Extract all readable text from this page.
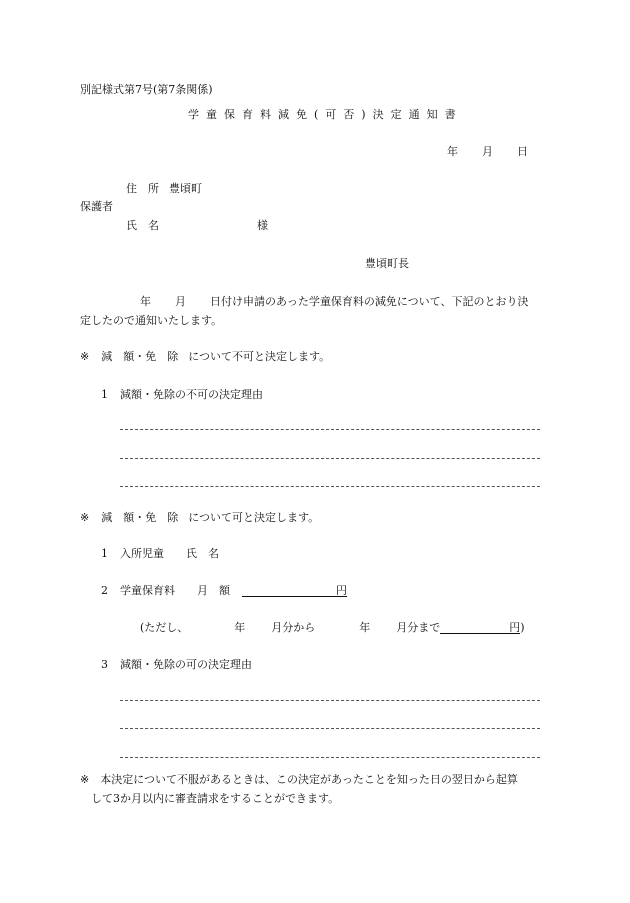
別記様式第7号(第7条関係)
学童保育料減免(可否)決定通知書
年 月 日
住　所 豊頃町
保護者
氏　名	様
豊頃町長
年 月 日付け申請のあった学童保育料の減免について、下記のとおり決
定したので通知いたします。
※ 減　額・免　除 について不可と決定します。
1 減額・免除の不可の決定理由
※ 減　額・免　除 について可と決定します。
1 入所児童　　氏　名
2 学童保育料 月　額	円
(ただし、	年 月分から	年 月分まで	円)
3 減額・免除の可の決定理由
※ 本決定について不服があるときは、この決定があったことを知った日の翌日から起算
して3か月以内に審査請求をすることができます。
